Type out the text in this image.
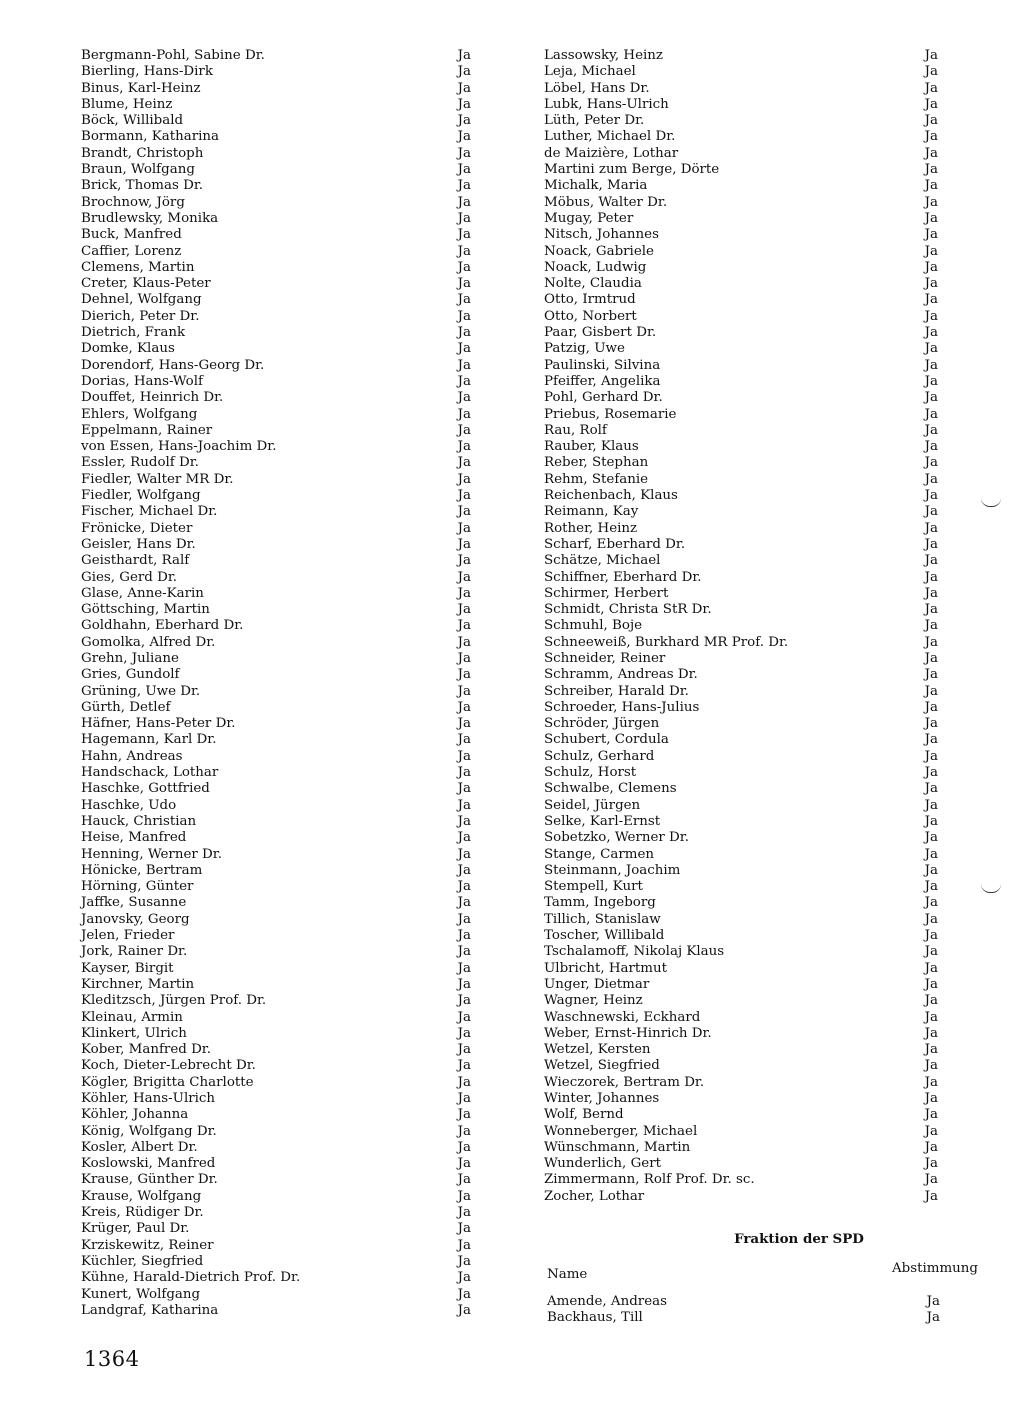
Bergmann-Pohl, Sabine Dr.	Ja
Bierling, Hans-Dirk	Ja
Binus, Karl-Heinz	Ja
Blume, Heinz	Ja
Böck, Willibald	Ja
Bormann, Katharina	Ja
Brandt, Christoph	Ja
Braun, Wolfgang	Ja
Brick, Thomas Dr.	Ja
Brochnow, Jörg	Ja
Brudlewsky, Monika	Ja
Buck, Manfred	Ja
Caffier, Lorenz	Ja
Clemens, Martin	Ja
Creter, Klaus-Peter	Ja
Dehnel, Wolfgang	Ja
Dierich, Peter Dr.	Ja
Dietrich, Frank	Ja
Domke, Klaus	Ja
Dorendorf, Hans-Georg Dr.	Ja
Dorias, Hans-Wolf	Ja
Douffet, Heinrich Dr.	Ja
Ehlers, Wolfgang	Ja
Eppelmann, Rainer	Ja
von Essen, Hans-Joachim Dr.	Ja
Essler, Rudolf Dr.	Ja
Fiedler, Walter MR Dr.	Ja
Fiedler, Wolfgang	Ja
Fischer, Michael Dr.	Ja
Frönicke, Dieter	Ja
Geisler, Hans Dr.	Ja
Geisthardt, Ralf	Ja
Gies, Gerd Dr.	Ja
Glase, Anne-Karin	Ja
Göttsching, Martin	Ja
Goldhahn, Eberhard Dr.	Ja
Gomolka, Alfred Dr.	Ja
Grehn, Juliane	Ja
Gries, Gundolf	Ja
Grüning, Uwe Dr.	Ja
Gürth, Detlef	Ja
Häfner, Hans-Peter Dr.	Ja
Hagemann, Karl Dr.	Ja
Hahn, Andreas	Ja
Handschack, Lothar	Ja
Haschke, Gottfried	Ja
Haschke, Udo	Ja
Hauck, Christian	Ja
Heise, Manfred	Ja
Henning, Werner Dr.	Ja
Hönicke, Bertram	Ja
Hörning, Günter	Ja
Jaffke, Susanne	Ja
Janovsky, Georg	Ja
Jelen, Frieder	Ja
Jork, Rainer Dr.	Ja
Kayser, Birgit	Ja
Kirchner, Martin	Ja
Kleditzsch, Jürgen Prof. Dr.	Ja
Kleinau, Armin	Ja
Klinkert, Ulrich	Ja
Kober, Manfred Dr.	Ja
Koch, Dieter-Lebrecht Dr.	Ja
Kögler, Brigitta Charlotte	Ja
Köhler, Hans-Ulrich	Ja
Köhler, Johanna	Ja
König, Wolfgang Dr.	Ja
Kosler, Albert Dr.	Ja
Koslowski, Manfred	Ja
Krause, Günther Dr.	Ja
Krause, Wolfgang	Ja
Kreis, Rüdiger Dr.	Ja
Krüger, Paul Dr.	Ja
Krziskewitz, Reiner	Ja
Küchler, Siegfried	Ja
Kühne, Harald-Dietrich Prof. Dr.	Ja
Kunert, Wolfgang	Ja
Landgraf, Katharina	Ja
Lassowsky, Heinz	Ja
Leja, Michael	Ja
Löbel, Hans Dr.	Ja
Lubk, Hans-Ulrich	Ja
Lüth, Peter Dr.	Ja
Luther, Michael Dr.	Ja
de Maizière, Lothar	Ja
Martini zum Berge, Dörte	Ja
Michalk, Maria	Ja
Möbus, Walter Dr.	Ja
Mugay, Peter	Ja
Nitsch, Johannes	Ja
Noack, Gabriele	Ja
Noack, Ludwig	Ja
Nolte, Claudia	Ja
Otto, Irmtrud	Ja
Otto, Norbert	Ja
Paar, Gisbert Dr.	Ja
Patzig, Uwe	Ja
Paulinski, Silvina	Ja
Pfeiffer, Angelika	Ja
Pohl, Gerhard Dr.	Ja
Priebus, Rosemarie	Ja
Rau, Rolf	Ja
Rauber, Klaus	Ja
Reber, Stephan	Ja
Rehm, Stefanie	Ja
Reichenbach, Klaus	Ja
Reimann, Kay	Ja
Rother, Heinz	Ja
Scharf, Eberhard Dr.	Ja
Schätze, Michael	Ja
Schiffner, Eberhard Dr.	Ja
Schirmer, Herbert	Ja
Schmidt, Christa StR Dr.	Ja
Schmuhl, Boje	Ja
Schneeweiß, Burkhard MR Prof. Dr.	Ja
Schneider, Reiner	Ja
Schramm, Andreas Dr.	Ja
Schreiber, Harald Dr.	Ja
Schroeder, Hans-Julius	Ja
Schröder, Jürgen	Ja
Schubert, Cordula	Ja
Schulz, Gerhard	Ja
Schulz, Horst	Ja
Schwalbe, Clemens	Ja
Seidel, Jürgen	Ja
Selke, Karl-Ernst	Ja
Sobetzko, Werner Dr.	Ja
Stange, Carmen	Ja
Steinmann, Joachim	Ja
Stempell, Kurt	Ja
Tamm, Ingeborg	Ja
Tillich, Stanislaw	Ja
Toscher, Willibald	Ja
Tschalamoff, Nikolaj Klaus	Ja
Ulbricht, Hartmut	Ja
Unger, Dietmar	Ja
Wagner, Heinz	Ja
Waschnewski, Eckhard	Ja
Weber, Ernst-Hinrich Dr.	Ja
Wetzel, Kersten	Ja
Wetzel, Siegfried	Ja
Wieczorek, Bertram Dr.	Ja
Winter, Johannes	Ja
Wolf, Bernd	Ja
Wonneberger, Michael	Ja
Wünschmann, Martin	Ja
Wunderlich, Gert	Ja
Zimmermann, Rolf Prof. Dr. sc.	Ja
Zocher, Lothar	Ja
Fraktion der SPD
Name	Abstimmung
Amende, Andreas	Ja
Backhaus, Till	Ja
1364
